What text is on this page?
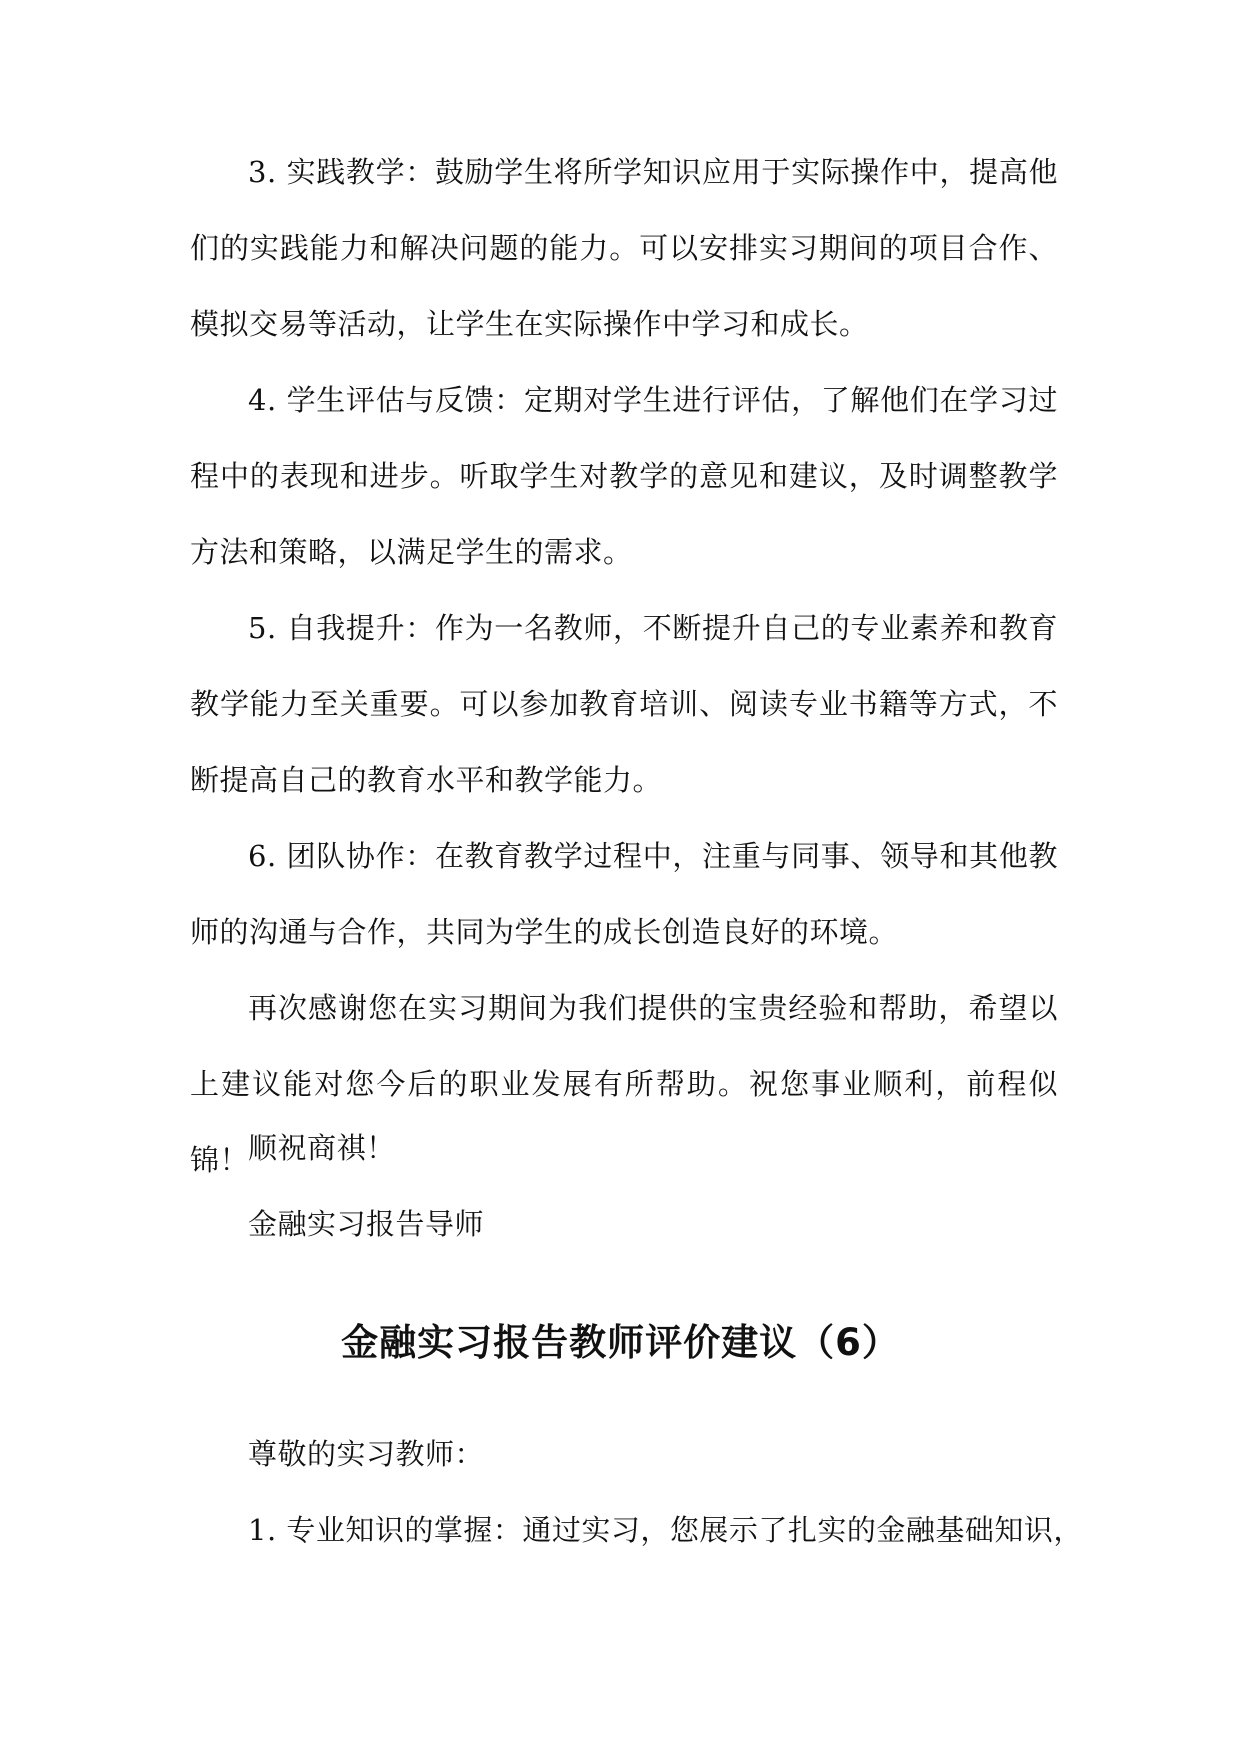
3. 实践教学：鼓励学生将所学知识应用于实际操作中，提高他们的实践能力和解决问题的能力。可以安排实习期间的项目合作、模拟交易等活动，让学生在实际操作中学习和成长。

4. 学生评估与反馈：定期对学生进行评估，了解他们在学习过程中的表现和进步。听取学生对教学的意见和建议，及时调整教学方法和策略，以满足学生的需求。

5. 自我提升：作为一名教师，不断提升自己的专业素养和教育教学能力至关重要。可以参加教育培训、阅读专业书籍等方式，不断提高自己的教育水平和教学能力。

6. 团队协作：在教育教学过程中，注重与同事、领导和其他教师的沟通与合作，共同为学生的成长创造良好的环境。

再次感谢您在实习期间为我们提供的宝贵经验和帮助，希望以上建议能对您今后的职业发展有所帮助。祝您事业顺利，前程似锦！

顺祝商祺！
金融实习报告导师
金融实习报告教师评价建议（6）
尊敬的实习教师：
1. 专业知识的掌握：通过实习，您展示了扎实的金融基础知识，
